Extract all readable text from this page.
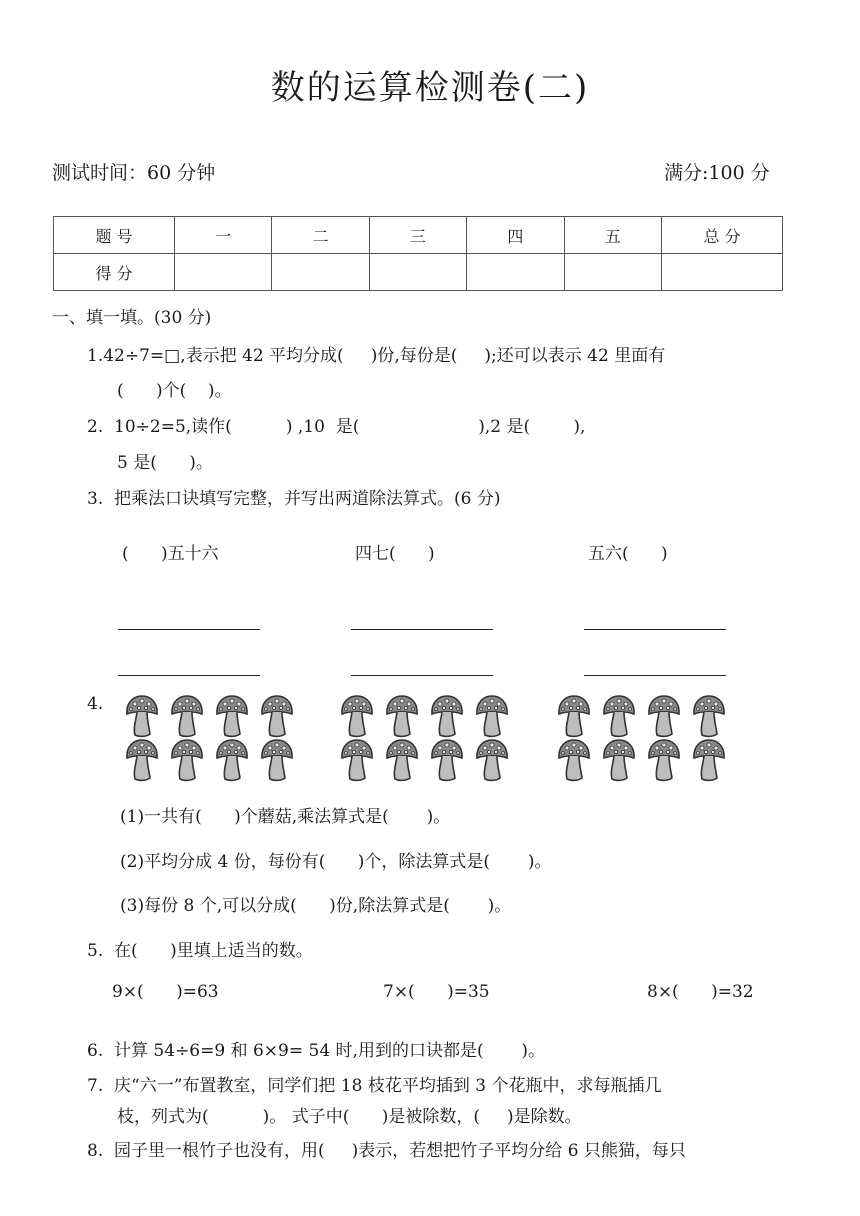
数的运算检测卷(二)
测试时间：60 分钟	满分:100 分
题 号	一	二	三	四	五	总 分
得 分						
一、填一填。(30 分)
1.42÷7=□,表示把 42 平均分成(     )份,每份是(     );还可以表示 42 里面有
(      )个(    )。
2.  10÷2=5,读作(          ) ,10  是(                      ),2 是(        ),
5 是(      )。
3.  把乘法口诀填写完整，并写出两道除法算式。(6 分)
(      )五十六	四七(      )	五六(      )
4.
(1)一共有(      )个蘑菇,乘法算式是(       )。
(2)平均分成 4 份，每份有(      )个，除法算式是(       )。
(3)每份 8 个,可以分成(      )份,除法算式是(       )。
5.  在(      )里填上适当的数。
9×(      )=63	7×(      )=35	8×(      )=32
6.  计算 54÷6=9 和 6×9= 54 时,用到的口诀都是(       )。
7.  庆“六一”布置教室，同学们把 18 枝花平均插到 3 个花瓶中，求每瓶插几
枝，列式为(          )。 式子中(      )是被除数，(     )是除数。
8.  园子里一根竹子也没有，用(     )表示，若想把竹子平均分给 6 只熊猫，每只
